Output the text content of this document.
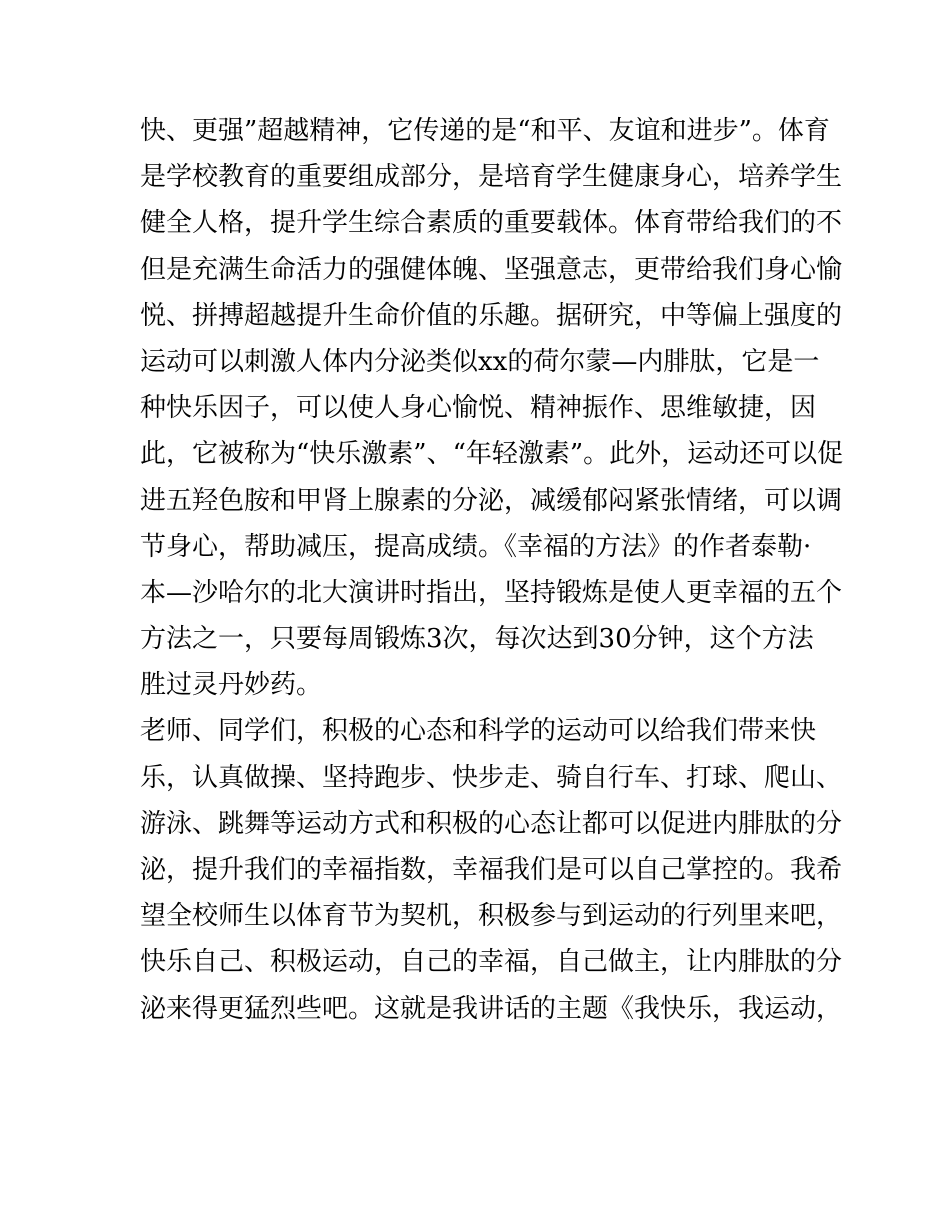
快、更强”超越精神，它传递的是“和平、友谊和进步”。体育
是学校教育的重要组成部分，是培育学生健康身心，培养学生
健全人格，提升学生综合素质的重要载体。体育带给我们的不
但是充满生命活力的强健体魄、坚强意志，更带给我们身心愉
悦、拼搏超越提升生命价值的乐趣。据研究，中等偏上强度的
运动可以刺激人体内分泌类似xx的荷尔蒙—内腓肽，它是一
种快乐因子，可以使人身心愉悦、精神振作、思维敏捷，因
此，它被称为“快乐激素”、“年轻激素”。此外，运动还可以促
进五羟色胺和甲肾上腺素的分泌，减缓郁闷紧张情绪，可以调
节身心，帮助减压，提高成绩。《幸福的方法》的作者泰勒·
本—沙哈尔的北大演讲时指出，坚持锻炼是使人更幸福的五个
方法之一，只要每周锻炼3次，每次达到30分钟，这个方法
胜过灵丹妙药。
老师、同学们，积极的心态和科学的运动可以给我们带来快
乐，认真做操、坚持跑步、快步走、骑自行车、打球、爬山、
游泳、跳舞等运动方式和积极的心态让都可以促进内腓肽的分
泌，提升我们的幸福指数，幸福我们是可以自己掌控的。我希
望全校师生以体育节为契机，积极参与到运动的行列里来吧，
快乐自己、积极运动，自己的幸福，自己做主，让内腓肽的分
泌来得更猛烈些吧。这就是我讲话的主题《我快乐，我运动，
